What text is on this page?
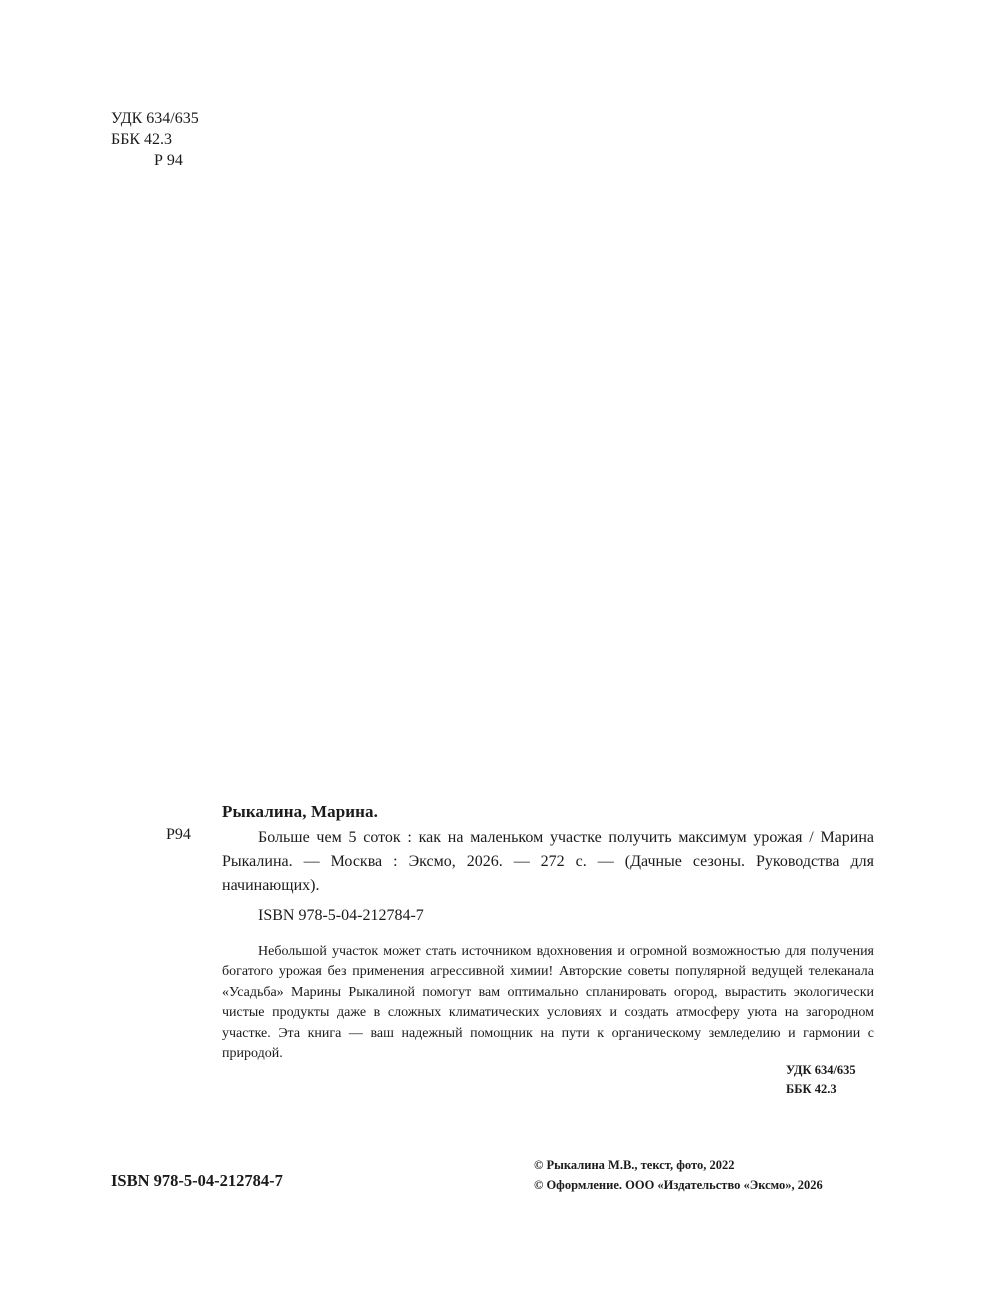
УДК 634/635
ББК 42.3
Р 94
Рыкалина, Марина.
Р94	Больше чем 5 соток : как на маленьком участке получить максимум урожая / Марина Рыкалина. — Москва : Эксмо, 2026. — 272 с. — (Дачные сезоны. Руководства для начинающих).
ISBN 978-5-04-212784-7
Небольшой участок может стать источником вдохновения и огромной возможностью для получения богатого урожая без применения агрессивной химии! Авторские советы популярной ведущей телеканала «Усадьба» Марины Рыкалиной помогут вам оптимально спланировать огород, вырастить экологически чистые продукты даже в сложных климатических условиях и создать атмосферу уюта на загородном участке. Эта книга — ваш надежный помощник на пути к органическому земледелию и гармонии с природой.
УДК 634/635
ББК 42.3
ISBN 978-5-04-212784-7
© Рыкалина М.В., текст, фото, 2022
© Оформление. ООО «Издательство «Эксмо», 2026
